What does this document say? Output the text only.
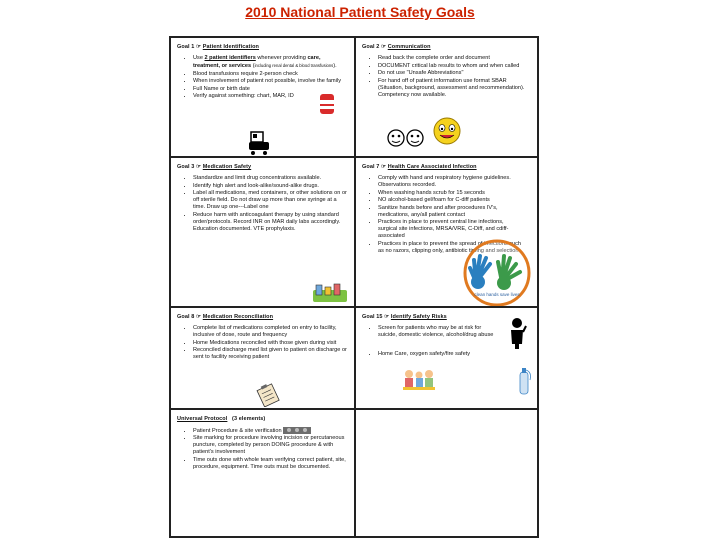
2010 National Patient Safety Goals
Goal 1 ☞ Patient Identification
• Use 2 patient identifiers whenever providing care, treatment, or services (including renal dental & blood transfusions).
• Blood transfusions require 2-person check
• When involvement of patient not possible, involve the family
• Full Name or birth date
• Verify against something: chart, MAR, ID
Goal 2 ☞ Communication
• Read back the complete order and document
• DOCUMENT critical lab results to whom and when called
• Do not use "Unsafe Abbreviations"
• For hand off of patient information use format SBAR (Situation, background, assessment and recommendation). Competency now available.
Goal 3 ☞ Medication Safety
• Standardize and limit drug concentrations available.
• Identify high alert and look-alike/sound-alike drugs.
• Label all medications, med containers, or other solutions on or off sterile field. Do not draw up more than one syringe at a time. Draw up one---Label one
• Reduce harm with anticoagulant therapy by using standard order/protocols. Record INR on MAR daily labs accordingly. Education documented. VTE prophylaxis.
Goal 7 ☞ Health Care Associated Infection
• Comply with hand and respiratory hygiene guidelines. Observations recorded.
• When washing hands scrub for 15 seconds
• NO alcohol-based gel/foam for C-diff patients
• Sanitize hands before and after procedures IV's, medications, any/all patient contact
• Practices in place to prevent central line infections, surgical site infections, MRSA/VRE, C-Diff, and cdiff-associated
• Practices in place to prevent the spread of infections such as no razors, clipping only, antibiotic timing and selection
clean hands save lives
Goal 8 ☞ Medication Reconciliation
• Complete list of medications completed on entry to facility, inclusive of dose, route and frequency
• Home Medications reconciled with those given during visit
• Reconciled discharge med list given to patient on discharge or sent to facility receiving patient
Goal 15 ☞ Identify Safety Risks
• Screen for patients who may be at risk for suicide, domestic violence, alcohol/drug abuse
• Home Care, oxygen safety/fire safety
Universal Protocol (3 elements)
• Patient Procedure & site verification
• Site marking for procedure involving incision or percutaneous puncture, completed by person DOING procedure & with patient's involvement
• Time outs done with whole team verifying correct patient, site, procedure, equipment. Time outs must be documented.
